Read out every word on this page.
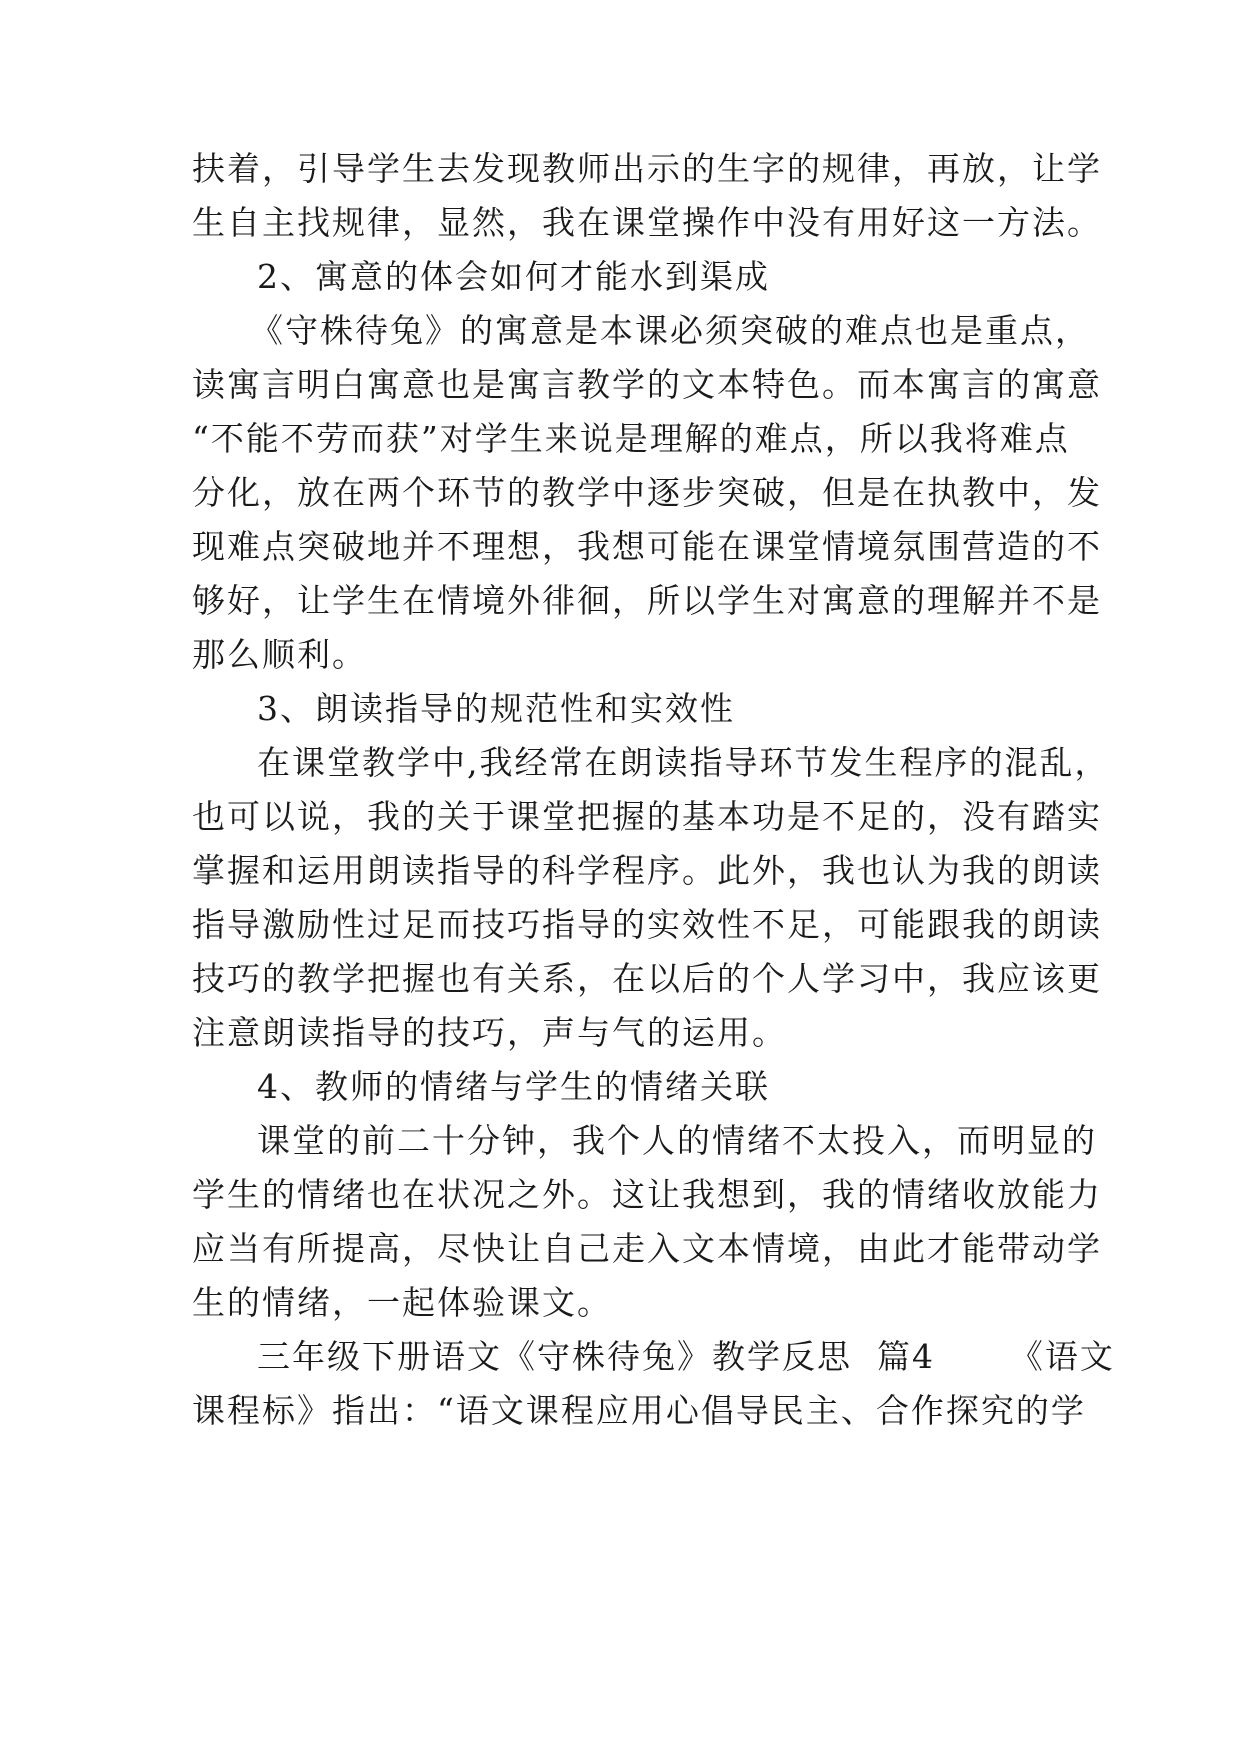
扶着，引导学生去发现教师出示的生字的规律，再放，让学
生自主找规律，显然，我在课堂操作中没有用好这一方法。
2、寓意的体会如何才能水到渠成
《守株待兔》的寓意是本课必须突破的难点也是重点，
读寓言明白寓意也是寓言教学的文本特色。而本寓言的寓意
“不能不劳而获”对学生来说是理解的难点，所以我将难点
分化，放在两个环节的教学中逐步突破，但是在执教中，发
现难点突破地并不理想，我想可能在课堂情境氛围营造的不
够好，让学生在情境外徘徊，所以学生对寓意的理解并不是
那么顺利。
3、朗读指导的规范性和实效性
在课堂教学中,我经常在朗读指导环节发生程序的混乱，
也可以说，我的关于课堂把握的基本功是不足的，没有踏实
掌握和运用朗读指导的科学程序。此外，我也认为我的朗读
指导激励性过足而技巧指导的实效性不足，可能跟我的朗读
技巧的教学把握也有关系，在以后的个人学习中，我应该更
注意朗读指导的技巧，声与气的运用。
4、教师的情绪与学生的情绪关联
课堂的前二十分钟，我个人的情绪不太投入，而明显的
学生的情绪也在状况之外。这让我想到，我的情绪收放能力
应当有所提高，尽快让自己走入文本情境，由此才能带动学
生的情绪，一起体验课文。
三年级下册语文《守株待兔》教学反思  篇4      《语文
课程标》指出：“语文课程应用心倡导民主、合作探究的学
